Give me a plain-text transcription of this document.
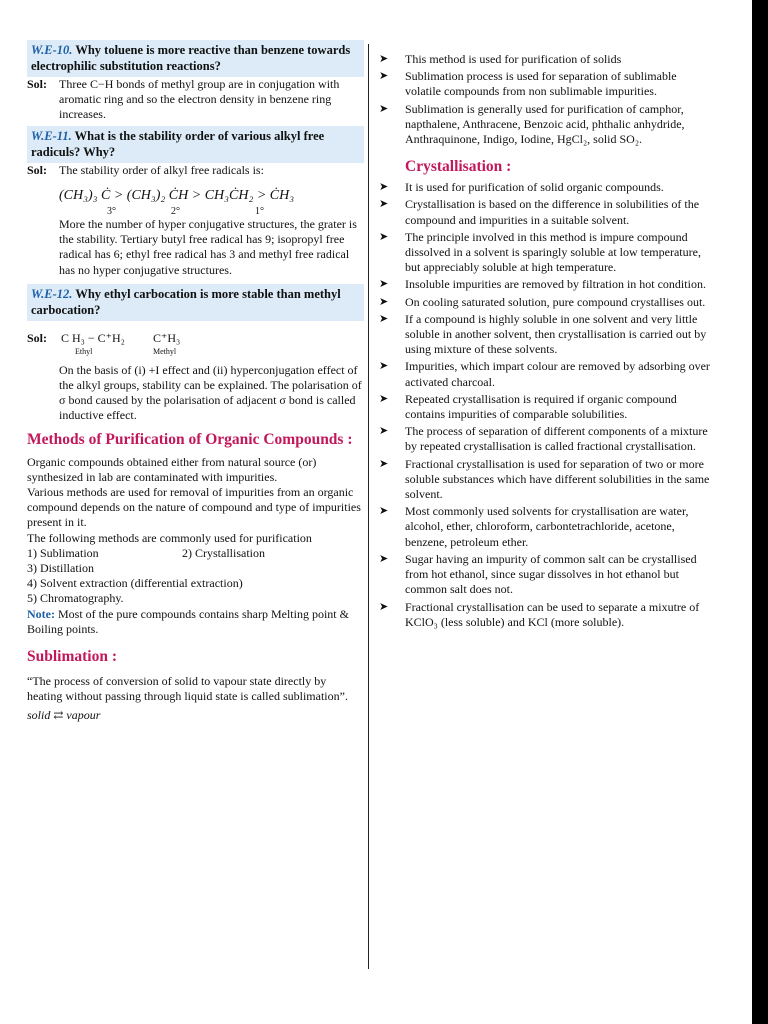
W.E-10. Why toluene is more reactive than benzene towards electrophilic substitution reactions?
Sol: Three C−H bonds of methyl group are in conjugation with aromatic ring and so the electron density in benzene ring increases.
W.E-11. What is the stability order of various alkyl free radiculs? Why?
Sol: The stability order of alkyl free radicals is:
(CH₃)₃ Ċ > (CH₃)₂ ĊH > CH₃ĊH₂ > ĊH₃
3°	2°	1°
More the number of hyper conjugative structures, the grater is the stability. Tertiary butyl free radical has 9; isopropyl free radical has 6; ethyl free radical has 3 and methyl free radical has no hyper conjugative structures.
W.E-12. Why ethyl carbocation is more stable than methyl carbocation?
Sol:	C H₃ − C⁺H₂
Ethyl
C⁺H₃
Methyl
On the basis of (i) +I effect and (ii) hyperconjugation effect of the alkyl groups, stability can be explained. The polarisation of σ bond caused by the polarisation of adjacent σ bond is called inductive effect.
Methods of Purification of Organic Compounds :
Organic compounds obtained either from natural source (or) synthesized in lab are contaminated with impurities.
Various methods are used for removal of impurities from an organic compound depends on the nature of compound and type of impurities present in it.
The following methods are commonly used for purification
1) Sublimation	2) Crystallisation
3) Distillation
4) Solvent extraction (differential extraction)
5) Chromatography.
Note: Most of the pure compounds contains sharp Melting point & Boiling points.
Sublimation :
“The process of conversion of solid to vapour state directly by heating without passing through liquid state is called sublimation”.
solid ⇄ vapour
➤ This method is used for purification of solids
➤ Sublimation process is used for separation of sublimable volatile compounds from non sublimable impurities.
➤ Sublimation is generally used for purification of camphor, napthalene, Anthracene, Benzoic acid, phthalic anhydride, Anthraquinone, Indigo, Iodine, HgCl₂, solid SO₂.
Crystallisation :
➤ It is used for purification of solid organic compounds.
➤ Crystallisation is based on the difference in solubilities of the compound and impurities in a suitable solvent.
➤ The principle involved in this method is impure compound dissolved in a solvent is sparingly soluble at low temperature, but appreciably soluble at high temperature.
➤ Insoluble impurities are removed by filtration in hot condition.
➤ On cooling saturated solution, pure compound crystallises out.
➤ If a compound is highly soluble in one solvent and very little soluble in another solvent, then crystallisation is carried out by using mixture of these solvents.
➤ Impurities, which impart colour are removed by adsorbing over activated charcoal.
➤ Repeated crystallisation is required if organic compound contains impurities of comparable solubilities.
➤ The process of separation of different components of a mixture by repeated crystallisation is called fractional crystallisation.
➤ Fractional crystallisation is used for separation of two or more soluble substances which have different solubilities in the same solvent.
➤ Most commonly used solvents for crystallisation are water, alcohol, ether, chloroform, carbontetrachloride, acetone, benzene, petroleum ether.
➤ Sugar having an impurity of common salt can be crystallised from hot ethanol, since sugar dissolves in hot ethanol but common salt does not.
➤ Fractional crystallisation can be used to separate a mixutre of KClO₃ (less soluble) and KCl (more soluble).
